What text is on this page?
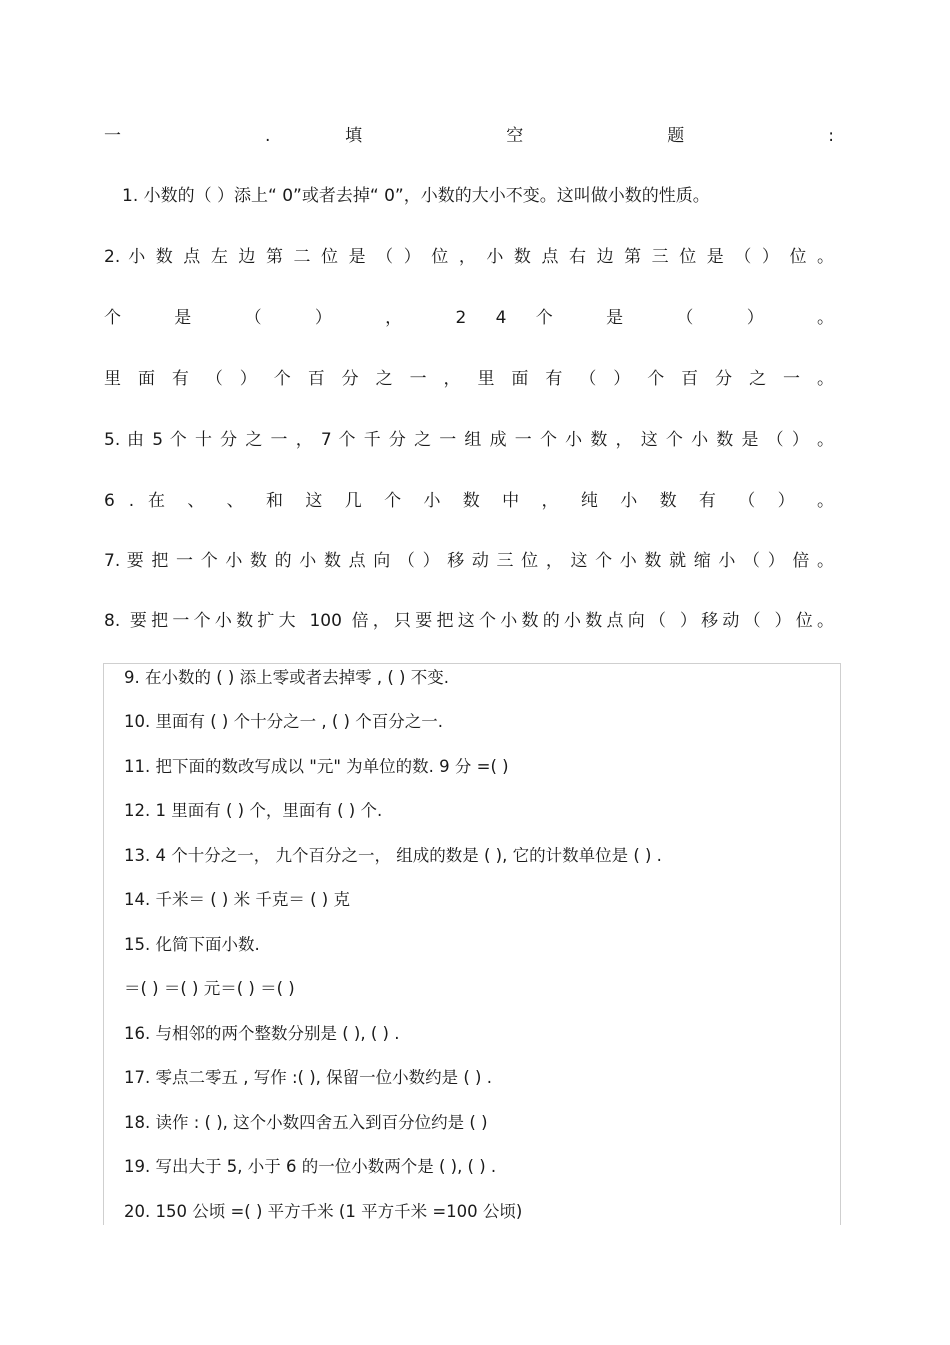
一 . 填 空 题 :
1. 小数的（ ）添上“ 0”或者去掉“ 0”，小数的大小不变。这叫做小数的性质。
2. 小 数 点 左 边 第 二 位 是 （ ） 位 ， 小 数 点 右 边 第 三 位 是 （ ） 位 。
个 是 （ ） ， 2 4 个 是 （ ） 。
里 面 有 （ ） 个 百 分 之 一 ， 里 面 有 （ ） 个 百 分 之 一 。
5. 由 5 个 十 分 之 一 ， 7 个 千 分 之 一 组 成 一 个 小 数 ， 这 个 小 数 是 （ ） 。
6 . 在 、 、 和 这 几 个 小 数 中 ， 纯 小 数 有 （ ） 。
7. 要 把 一 个 小 数 的 小 数 点 向 （ ） 移 动 三 位 ， 这 个 小 数 就 缩 小 （ ） 倍 。
8. 要把一个小数扩大 100 倍，只要把这个小数的小数点向（ ）移动（ ）位。
9. 在小数的 ( ) 添上零或者去掉零 , ( ) 不变.
10. 里面有 ( ) 个十分之一 , ( ) 个百分之一.
11. 把下面的数改写成以 "元" 为单位的数. 9 分 =( )
12. 1 里面有 ( ) 个，里面有 ( ) 个.
13. 4 个十分之一， 九个百分之一， 组成的数是 ( ), 它的计数单位是 ( ) .
14. 千米＝ ( ) 米 千克＝ ( ) 克
15. 化简下面小数.
＝( ) ＝( ) 元＝( ) ＝( )
16. 与相邻的两个整数分别是 ( ), ( ) .
17. 零点二零五 , 写作 :( ), 保留一位小数约是 ( ) .
18. 读作 : ( ), 这个小数四舍五入到百分位约是 ( )
19. 写出大于 5, 小于 6 的一位小数两个是 ( ), ( ) .
20. 150 公顷 =( ) 平方千米 (1 平方千米 =100 公顷)
